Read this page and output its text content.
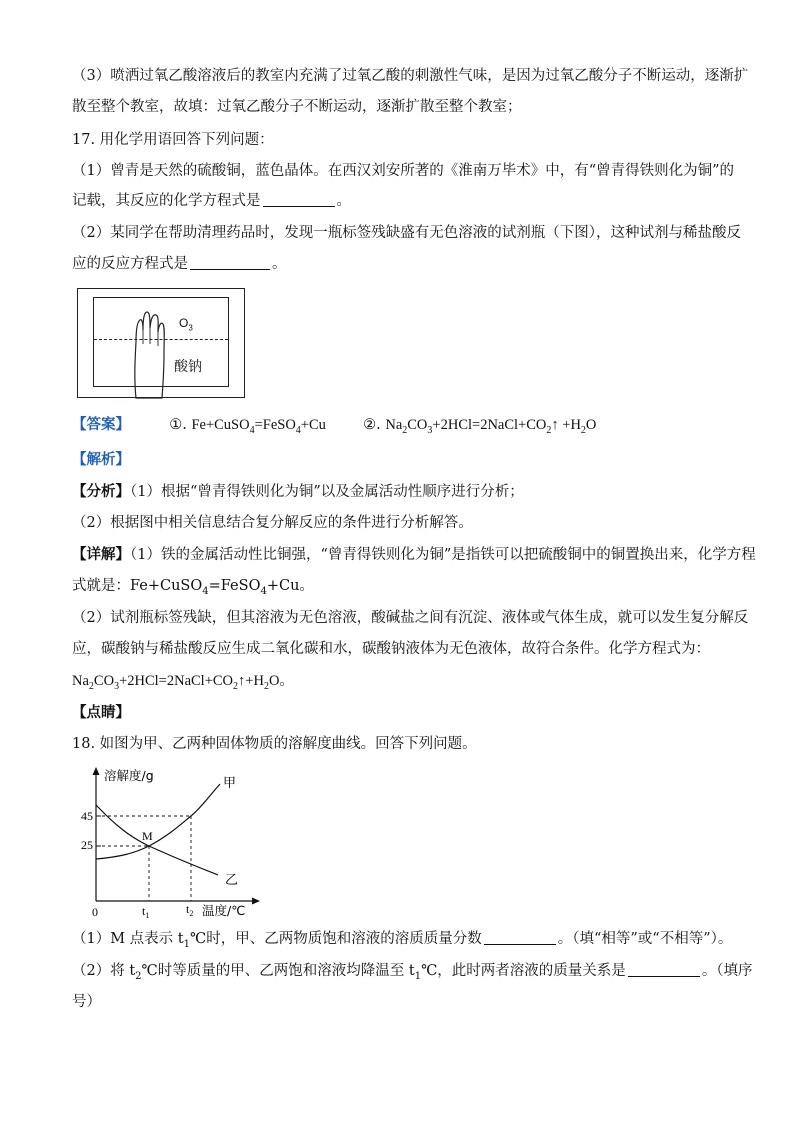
（3）喷洒过氧乙酸溶液后的教室内充满了过氧乙酸的刺激性气味，是因为过氧乙酸分子不断运动，逐渐扩
散至整个教室，故填：过氧乙酸分子不断运动，逐渐扩散至整个教室；
17. 用化学用语回答下列问题：
（1）曾青是天然的硫酸铜，蓝色晶体。在西汉刘安所著的《淮南万毕术》中，有“曾青得铁则化为铜”的
记载，其反应的化学方程式是	。
（2）某同学在帮助清理药品时，发现一瓶标签残缺盛有无色溶液的试剂瓶（下图），这种试剂与稀盐酸反
应的反应方程式是	。
$O_3$
酸钠
【答案】	①. Fe+CuSO$_4$=FeSO$_4$+Cu	②. $Na_2CO_3+2HCl=2NaCl+CO_2↑ +H_2O$
【解析】
【分析】（1）根据“曾青得铁则化为铜”以及金属活动性顺序进行分析；
（2）根据图中相关信息结合复分解反应的条件进行分析解答。
【详解】（1）铁的金属活动性比铜强，“曾青得铁则化为铜”是指铁可以把硫酸铜中的铜置换出来，化学方程
式就是：Fe+CuSO$_4$=FeSO$_4$+Cu。
（2）试剂瓶标签残缺，但其溶液为无色溶液，酸碱盐之间有沉淀、液体或气体生成，就可以发生复分解反
应，碳酸钠与稀盐酸反应生成二氧化碳和水，碳酸钠液体为无色液体，故符合条件。化学方程式为：
$Na_2CO_3+2HCl=2NaCl+CO_2↑+H_2O$。
【点睛】
18. 如图为甲、乙两种固体物质的溶解度曲线。回答下列问题。
溶解度/g
温度/℃
0
45
25
$t_1$	$t_2$
甲
乙
M
（1）M 点表示 $t_1℃$时，甲、乙两物质饱和溶液的溶质质量分数	。（填“相等”或“不相等”）。
（2）将 $t_2℃$时等质量的甲、乙两饱和溶液均降温至 $t_1℃$，此时两者溶液的质量关系是	。（填序
号）
